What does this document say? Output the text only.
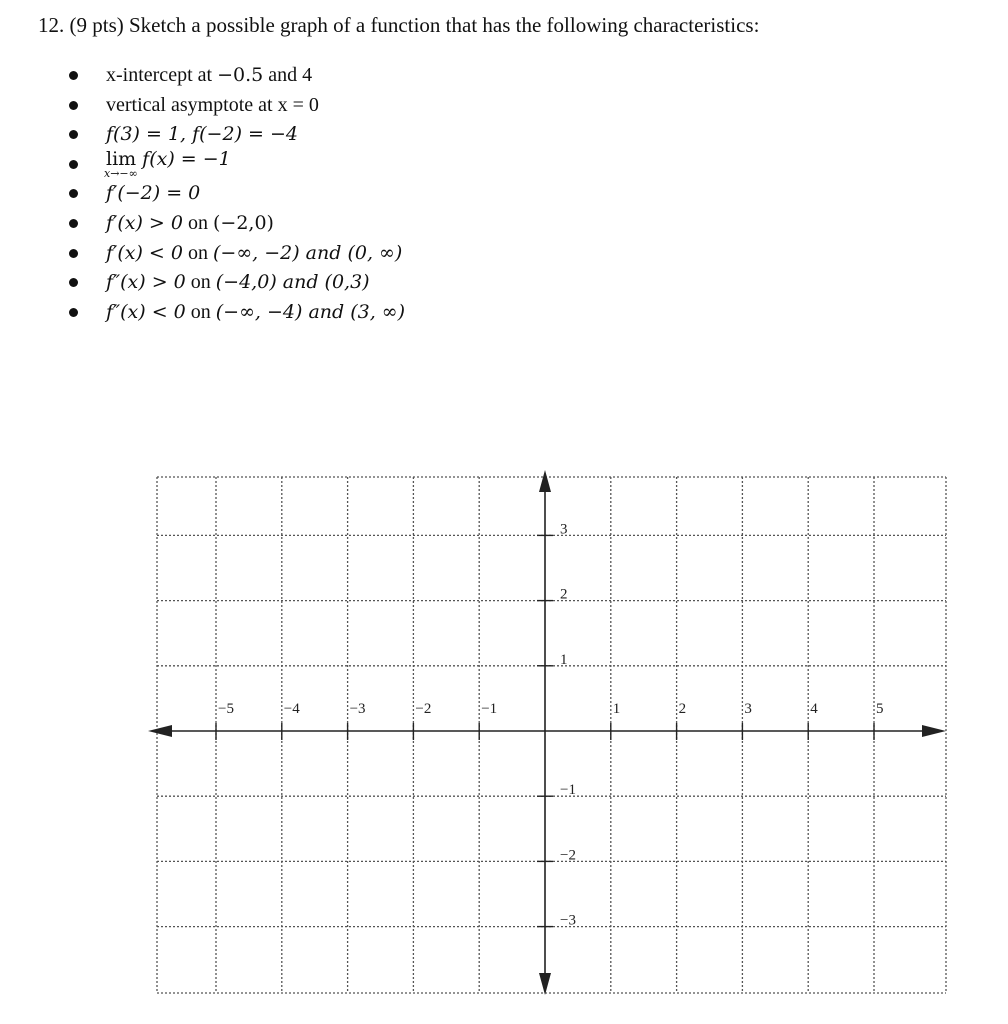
12. (9 pts) Sketch a possible graph of a function that has the following characteristics:
x-intercept at −0.5 and 4
vertical asymptote at x = 0
f(3) = 1, f(−2) = −4
lim
x→−∞
f(x) = −1
f′(−2) = 0
f′(x) > 0 on (−2,0)
f′(x) < 0 on (−∞, −2) and (0, ∞)
f″(x) > 0 on (−4,0) and (0,3)
f″(x) < 0 on (−∞, −4) and (3, ∞)
−5	−4	−3	−2	−1	1	2	3	4	5
3
2
1
−1
−2
−3
